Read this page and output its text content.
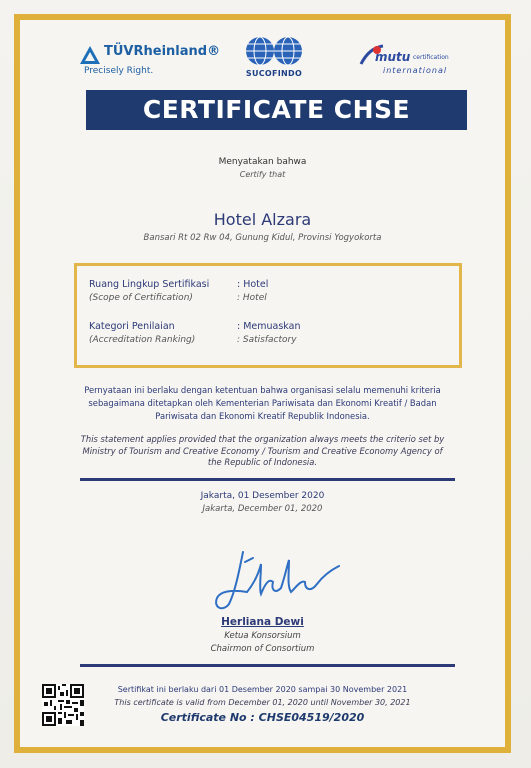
TÜVRheinland®
Precisely Right.	SUCOFINDO
mutu certification
international
CERTIFICATE CHSE
Menyatakan bahwa
Certify that
Hotel Alzara
Bansari Rt 02 Rw 04, Gunung Kidul, Provinsi Yogyokorta
Ruang Lingkup Sertifikasi
(Scope of Certification)
: Hotel
: Hotel
Kategori Penilaian
(Accreditation Ranking)
: Memuaskan
: Satisfactory
Pernyataan ini berlaku dengan ketentuan bahwa organisasi selalu memenuhi kriteria sebagaimana ditetapkan oleh Kementerian Pariwisata dan Ekonomi Kreatif / Badan Pariwisata dan Ekonomi Kreatif Republik Indonesia.
This statement applies provided that the organization always meets the criterio set by Ministry of Tourism and Creative Economy / Tourism and Creative Economy Agency of the Republic of Indonesia.
Jakarta, 01 Desember 2020
Jakarta, December 01, 2020
Herliana Dewi
Ketua Konsorsium
Chairmon of Consortium
Sertifikat ini berlaku dari 01 Desember 2020 sampai 30 November 2021
This certificate is valid from December 01, 2020 until November 30, 2021
Certificate No : CHSE04519/2020
